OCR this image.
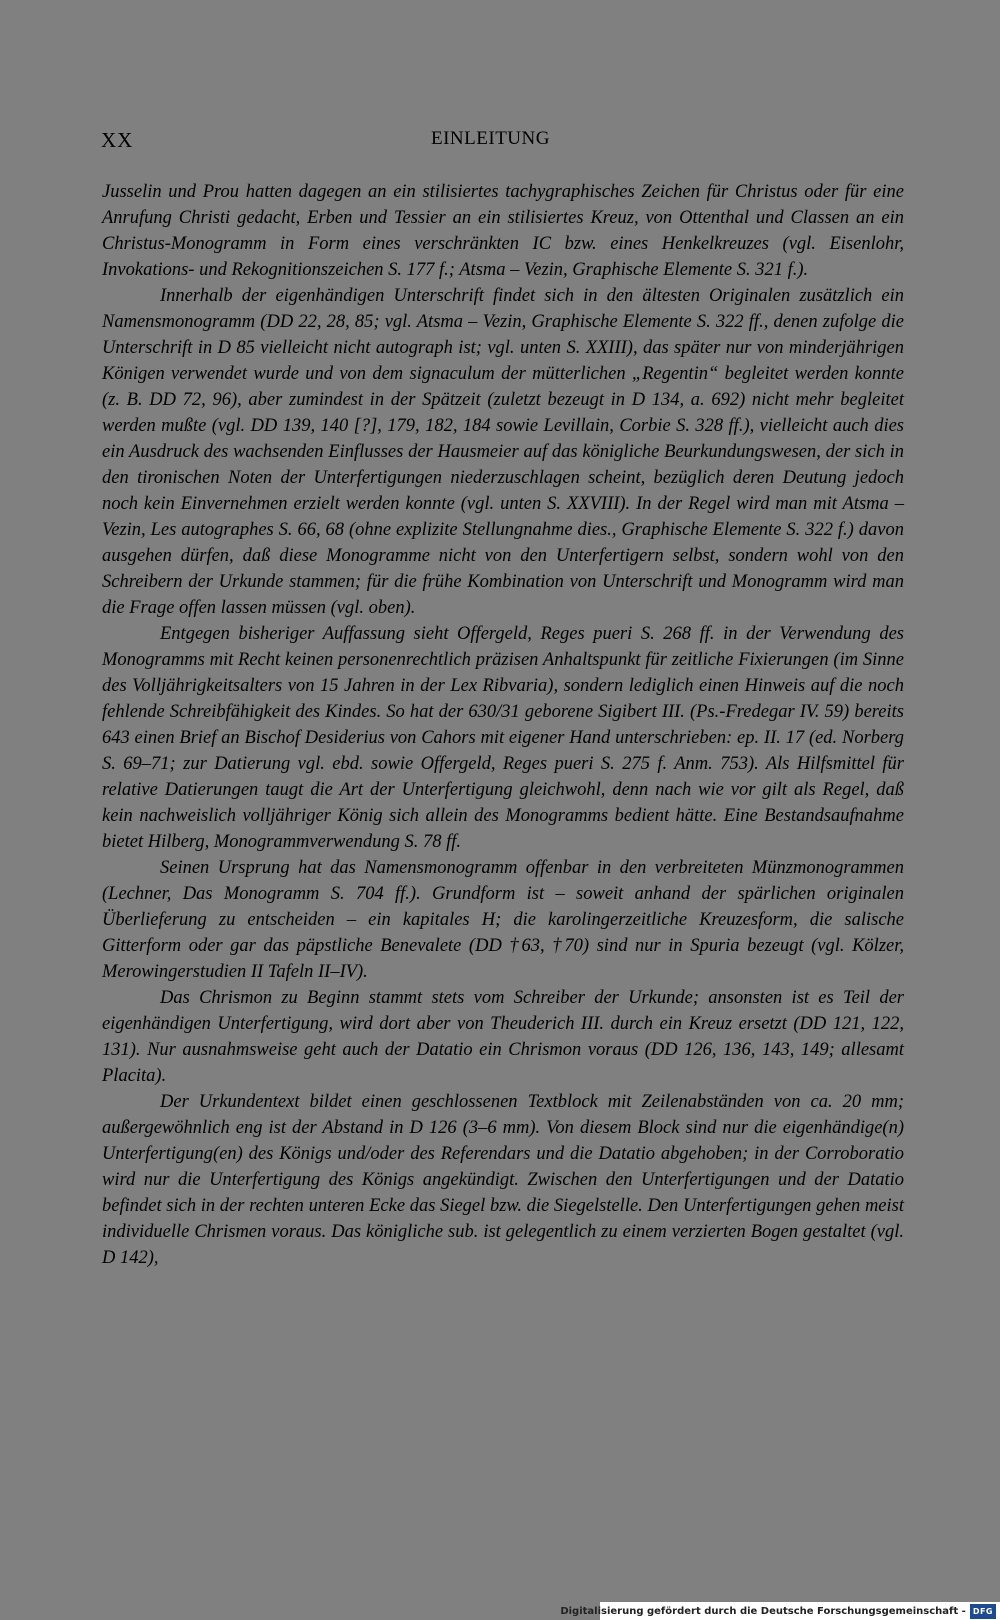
XX	EINLEITUNG

Jusselin und Prou hatten dagegen an ein stilisiertes tachygraphisches Zeichen für Christus oder für eine Anrufung Christi gedacht, Erben und Tessier an ein stilisiertes Kreuz, von Ottenthal und Classen an ein Christus-Monogramm in Form eines verschränkten IC bzw. eines Henkelkreuzes (vgl. Eisenlohr, Invokations- und Rekognitionszeichen S. 177 f.; Atsma – Vezin, Graphische Elemente S. 321 f.).

Innerhalb der eigenhändigen Unterschrift findet sich in den ältesten Originalen zusätzlich ein Namensmonogramm (DD 22, 28, 85; vgl. Atsma – Vezin, Graphische Elemente S. 322 ff., denen zufolge die Unterschrift in D 85 vielleicht nicht autograph ist; vgl. unten S. XXIII), das später nur von minderjährigen Königen verwendet wurde und von dem signaculum der mütterlichen „Regentin“ begleitet werden konnte (z. B. DD 72, 96), aber zumindest in der Spätzeit (zuletzt bezeugt in D 134, a. 692) nicht mehr begleitet werden mußte (vgl. DD 139, 140 [?], 179, 182, 184 sowie Levillain, Corbie S. 328 ff.), vielleicht auch dies ein Ausdruck des wachsenden Einflusses der Hausmeier auf das königliche Beurkundungswesen, der sich in den tironischen Noten der Unterfertigungen niederzuschlagen scheint, bezüglich deren Deutung jedoch noch kein Einvernehmen erzielt werden konnte (vgl. unten S. XXVIII). In der Regel wird man mit Atsma – Vezin, Les autographes S. 66, 68 (ohne explizite Stellungnahme dies., Graphische Elemente S. 322 f.) davon ausgehen dürfen, daß diese Monogramme nicht von den Unterfertigern selbst, sondern wohl von den Schreibern der Urkunde stammen; für die frühe Kombination von Unterschrift und Monogramm wird man die Frage offen lassen müssen (vgl. oben).

Entgegen bisheriger Auffassung sieht Offergeld, Reges pueri S. 268 ff. in der Verwendung des Monogramms mit Recht keinen personenrechtlich präzisen Anhaltspunkt für zeitliche Fixierungen (im Sinne des Volljährigkeitsalters von 15 Jahren in der Lex Ribvaria), sondern lediglich einen Hinweis auf die noch fehlende Schreibfähigkeit des Kindes. So hat der 630/31 geborene Sigibert III. (Ps.-Fredegar IV. 59) bereits 643 einen Brief an Bischof Desiderius von Cahors mit eigener Hand unterschrieben: ep. II. 17 (ed. Norberg S. 69–71; zur Datierung vgl. ebd. sowie Offergeld, Reges pueri S. 275 f. Anm. 753). Als Hilfsmittel für relative Datierungen taugt die Art der Unterfertigung gleichwohl, denn nach wie vor gilt als Regel, daß kein nachweislich volljähriger König sich allein des Monogramms bedient hätte. Eine Bestandsaufnahme bietet Hilberg, Monogrammverwendung S. 78 ff.

Seinen Ursprung hat das Namensmonogramm offenbar in den verbreiteten Münzmonogrammen (Lechner, Das Monogramm S. 704 ff.). Grundform ist – soweit anhand der spärlichen originalen Überlieferung zu entscheiden – ein kapitales H; die karolingerzeitliche Kreuzesform, die salische Gitterform oder gar das päpstliche Benevalete (DD †63, †70) sind nur in Spuria bezeugt (vgl. Kölzer, Merowingerstudien II Tafeln II–IV).

Das Chrismon zu Beginn stammt stets vom Schreiber der Urkunde; ansonsten ist es Teil der eigenhändigen Unterfertigung, wird dort aber von Theuderich III. durch ein Kreuz ersetzt (DD 121, 122, 131). Nur ausnahmsweise geht auch der Datatio ein Chrismon voraus (DD 126, 136, 143, 149; allesamt Placita).

Der Urkundentext bildet einen geschlossenen Textblock mit Zeilenabständen von ca. 20 mm; außergewöhnlich eng ist der Abstand in D 126 (3–6 mm). Von diesem Block sind nur die eigenhändige(n) Unterfertigung(en) des Königs und/oder des Referendars und die Datatio abgehoben; in der Corroboratio wird nur die Unterfertigung des Königs angekündigt. Zwischen den Unterfertigungen und der Datatio befindet sich in der rechten unteren Ecke das Siegel bzw. die Siegelstelle. Den Unterfertigungen gehen meist individuelle Chrismen voraus. Das königliche sub. ist gelegentlich zu einem verzierten Bogen gestaltet (vgl. D 142),

Digitalisierung gefördert durch die Deutsche Forschungsgemeinschaft - DFG
